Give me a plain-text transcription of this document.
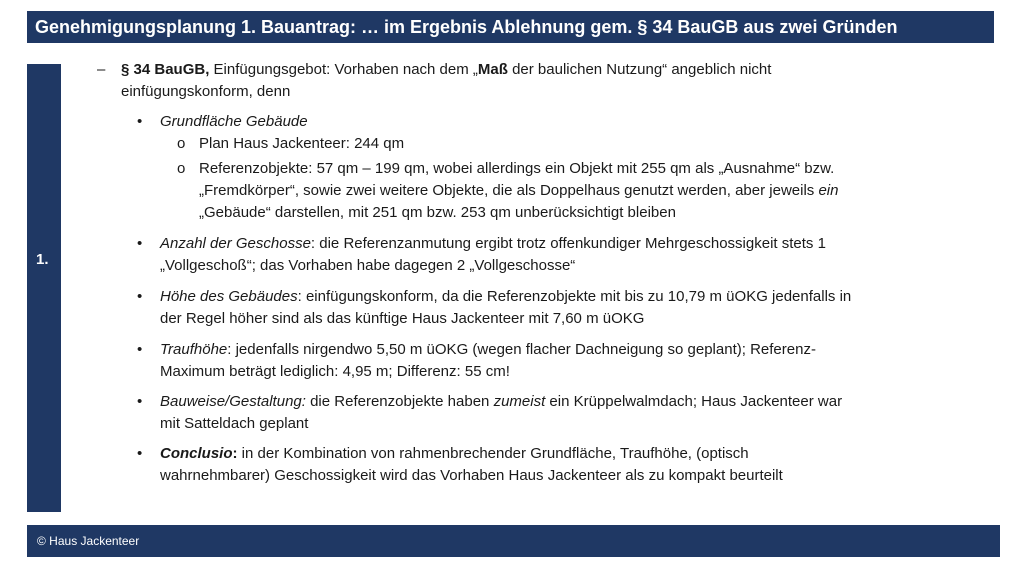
Genehmigungsplanung 1. Bauantrag: … im Ergebnis Ablehnung gem. § 34 BauGB aus zwei Gründen
1.
– § 34 BauGB, Einfügungsgebot: Vorhaben nach dem „Maß der baulichen Nutzung“ angeblich nicht
einfügungskonform, denn
• Grundfläche Gebäude
o Plan Haus Jackenteer: 244 qm
o Referenzobjekte: 57 qm – 199 qm, wobei allerdings ein Objekt mit 255 qm als „Ausnahme“ bzw.
„Fremdkörper“, sowie zwei weitere Objekte, die als Doppelhaus genutzt werden, aber jeweils ein
„Gebäude“ darstellen, mit 251 qm bzw. 253 qm unberücksichtigt bleiben
• Anzahl der Geschosse: die Referenzanmutung ergibt trotz offenkundiger Mehrgeschossigkeit stets 1
„Vollgeschoß“; das Vorhaben habe dagegen 2 „Vollgeschosse“
• Höhe des Gebäudes: einfügungskonform, da die Referenzobjekte mit bis zu 10,79 m üOKG jedenfalls in
der Regel höher sind als das künftige Haus Jackenteer mit 7,60 m üOKG
• Traufhöhe: jedenfalls nirgendwo 5,50 m üOKG (wegen flacher Dachneigung so geplant); Referenz-
Maximum beträgt lediglich: 4,95 m; Differenz: 55 cm!
• Bauweise/Gestaltung: die Referenzobjekte haben zumeist ein Krüppelwalmdach; Haus Jackenteer war
mit Satteldach geplant
• Conclusio: in der Kombination von rahmenbrechender Grundfläche, Traufhöhe, (optisch
wahrnehmbarer) Geschossigkeit wird das Vorhaben Haus Jackenteer als zu kompakt beurteilt
© Haus Jackenteer
